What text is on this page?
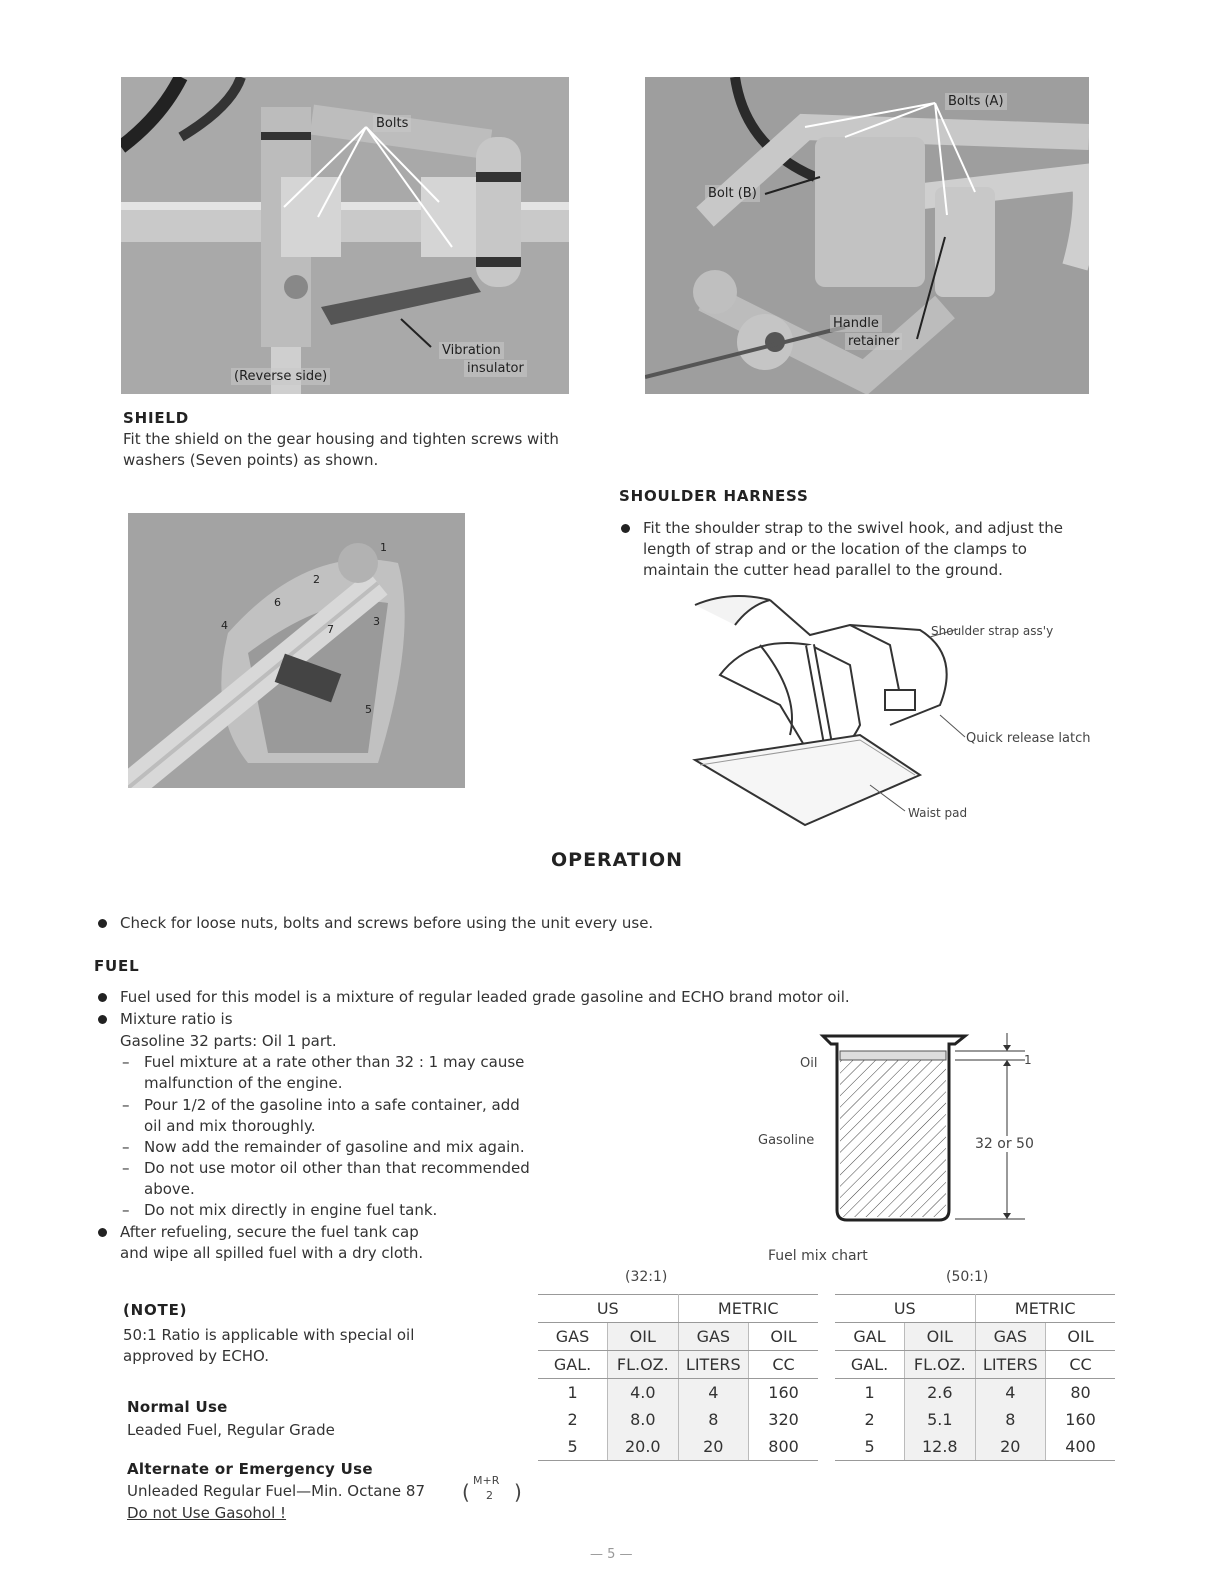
Bolts
Vibration
insulator
(Reverse side)
Bolts (A)
Bolt (B)
Handle
retainer
SHIELD
Fit the shield on the gear housing and tighten screws with
washers (Seven points) as shown.
1
2
3
4
5
6
7
SHOULDER HARNESS
Fit the shoulder strap to the swivel hook, and adjust the
length of strap and or the location of the clamps to
maintain the cutter head parallel to the ground.
Shoulder strap ass'y
Quick release latch
Waist pad
OPERATION
Check for loose nuts, bolts and screws before using the unit every use.
FUEL
Fuel used for this model is a mixture of regular leaded grade gasoline and ECHO brand motor oil.
Mixture ratio is
Gasoline 32 parts: Oil 1 part.
– Fuel mixture at a rate other than 32 : 1 may cause
malfunction of the engine.
– Pour 1/2 of the gasoline into a safe container, add
oil and mix thoroughly.
– Now add the remainder of gasoline and mix again.
– Do not use motor oil other than that recommended
above.
– Do not mix directly in engine fuel tank.
After refueling, secure the fuel tank cap
and wipe all spilled fuel with a dry cloth.
Oil
Gasoline
1
32 or 50
(NOTE)
50:1 Ratio is applicable with special oil
approved by ECHO.
Normal Use
Leaded Fuel, Regular Grade
Alternate or Emergency Use
Unleaded Regular Fuel—Min. Octane 87 ( M+R
2 )
Do not Use Gasohol !
Fuel mix chart
(32:1)	(50:1)
US		METRIC	
GAS	OIL	GAS	OIL
GAL.	FL.OZ.	LITERS	CC
1	4.0	4	160
2	8.0	8	320
5	20.0	20	800
US		METRIC	
GAL	OIL	GAS	OIL
GAL.	FL.OZ.	LITERS	CC
1	2.6	4	80
2	5.1	8	160
5	12.8	20	400
— 5 —
